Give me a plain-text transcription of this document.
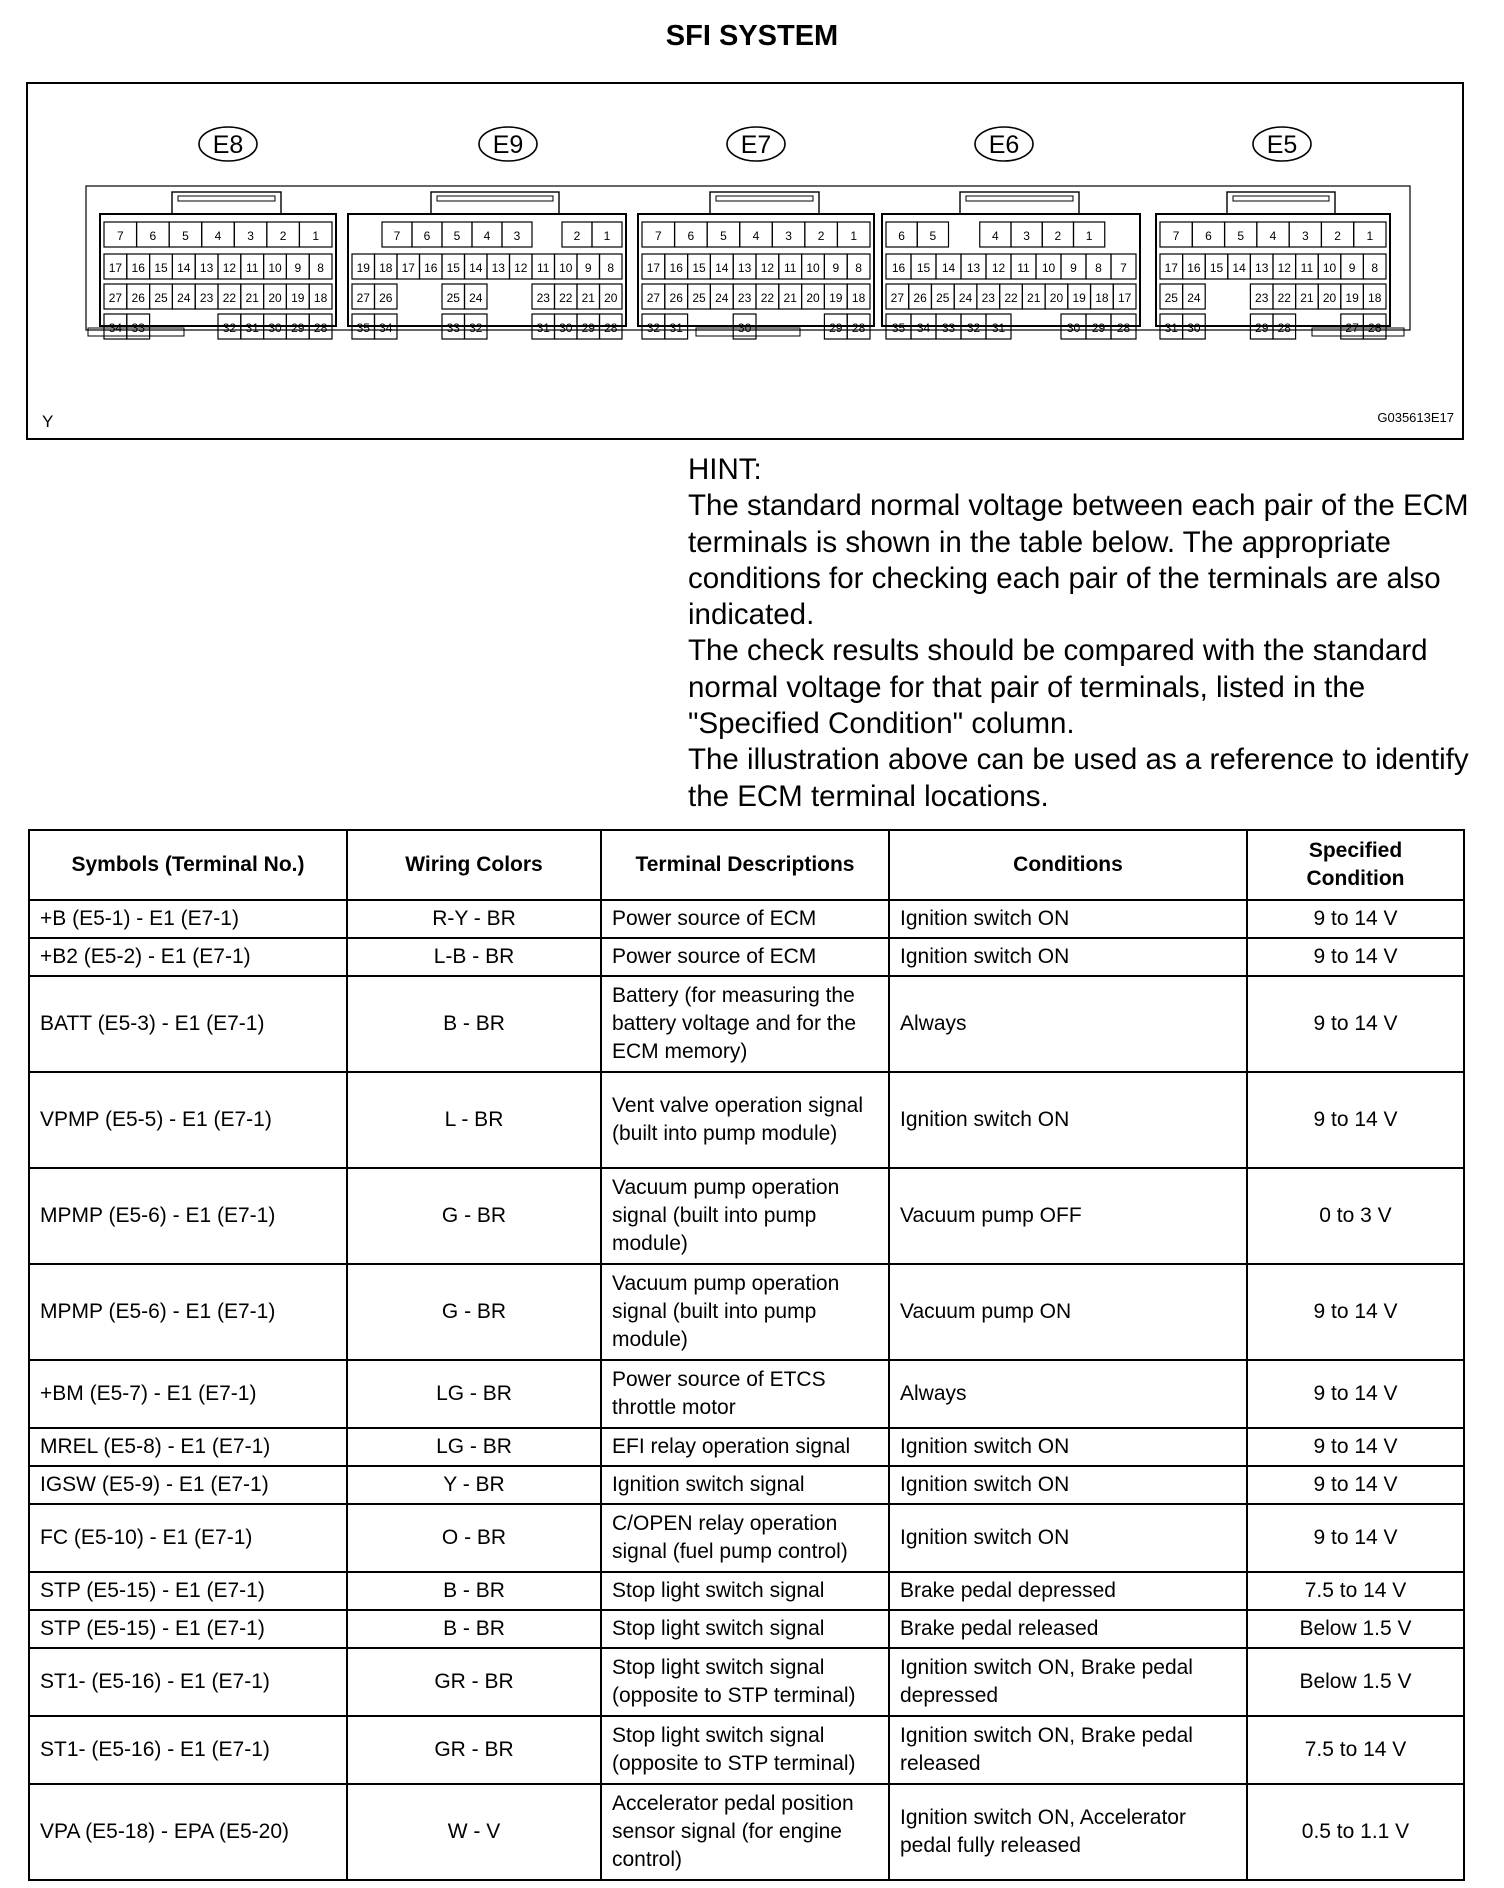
SFI SYSTEM
E8
7 6 5 4 3 2 1
17 16 15 14 13 12 11 10 9 8
27 26 25 24 23 22 21 20 19 18
34 33	32 31 30 29 28
E9
7 6 5 4 3	2 1
19 18 17 16 15 14 13 12 11 10 9 8
27 26	25 24	23 22 21 20
35 34	33 32	31 30 29 28
E7
7 6 5 4 3 2 1
17 16 15 14 13 12 11 10 9 8
27 26 25 24 23 22 21 20 19 18
32 31	30	29 28
E6
6 5	4 3 2 1
16 15 14 13 12 11 10 9 8 7
27 26 25 24 23 22 21 20 19 18 17
35 34 33 32 31	30 29 28
E5
7 6 5 4 3 2 1
17 16 15 14 13 12 11 10 9 8
25 24	23 22 21 20 19 18
31 30	29 28	27 26
Y	G035613E17

HINT:

The standard normal voltage between each pair of the ECM terminals is shown in the table below. The appropriate conditions for checking each pair of the terminals are also indicated.

The check results should be compared with the standard normal voltage for that pair of terminals, listed in the "Specified Condition" column.

The illustration above can be used as a reference to identify the ECM terminal locations.

Symbols (Terminal No.)	Wiring Colors	Terminal Descriptions	Conditions	Specified Condition
+B (E5-1) - E1 (E7-1)	R-Y - BR	Power source of ECM	Ignition switch ON	9 to 14 V
+B2 (E5-2) - E1 (E7-1)	L-B - BR	Power source of ECM	Ignition switch ON	9 to 14 V
BATT (E5-3) - E1 (E7-1)	B - BR	Battery (for measuring the battery voltage and for the ECM memory)	Always	9 to 14 V
VPMP (E5-5) - E1 (E7-1)	L - BR	Vent valve operation signal (built into pump module)	Ignition switch ON	9 to 14 V
MPMP (E5-6) - E1 (E7-1)	G - BR	Vacuum pump operation signal (built into pump module)	Vacuum pump OFF	0 to 3 V
MPMP (E5-6) - E1 (E7-1)	G - BR	Vacuum pump operation signal (built into pump module)	Vacuum pump ON	9 to 14 V
+BM (E5-7) - E1 (E7-1)	LG - BR	Power source of ETCS throttle motor	Always	9 to 14 V
MREL (E5-8) - E1 (E7-1)	LG - BR	EFI relay operation signal	Ignition switch ON	9 to 14 V
IGSW (E5-9) - E1 (E7-1)	Y - BR	Ignition switch signal	Ignition switch ON	9 to 14 V
FC (E5-10) - E1 (E7-1)	O - BR	C/OPEN relay operation signal (fuel pump control)	Ignition switch ON	9 to 14 V
STP (E5-15) - E1 (E7-1)	B - BR	Stop light switch signal	Brake pedal depressed	7.5 to 14 V
STP (E5-15) - E1 (E7-1)	B - BR	Stop light switch signal	Brake pedal released	Below 1.5 V
ST1- (E5-16) - E1 (E7-1)	GR - BR	Stop light switch signal (opposite to STP terminal)	Ignition switch ON, Brake pedal depressed	Below 1.5 V
ST1- (E5-16) - E1 (E7-1)	GR - BR	Stop light switch signal (opposite to STP terminal)	Ignition switch ON, Brake pedal released	7.5 to 14 V
VPA (E5-18) - EPA (E5-20)	W - V	Accelerator pedal position sensor signal (for engine control)	Ignition switch ON, Accelerator pedal fully released	0.5 to 1.1 V
